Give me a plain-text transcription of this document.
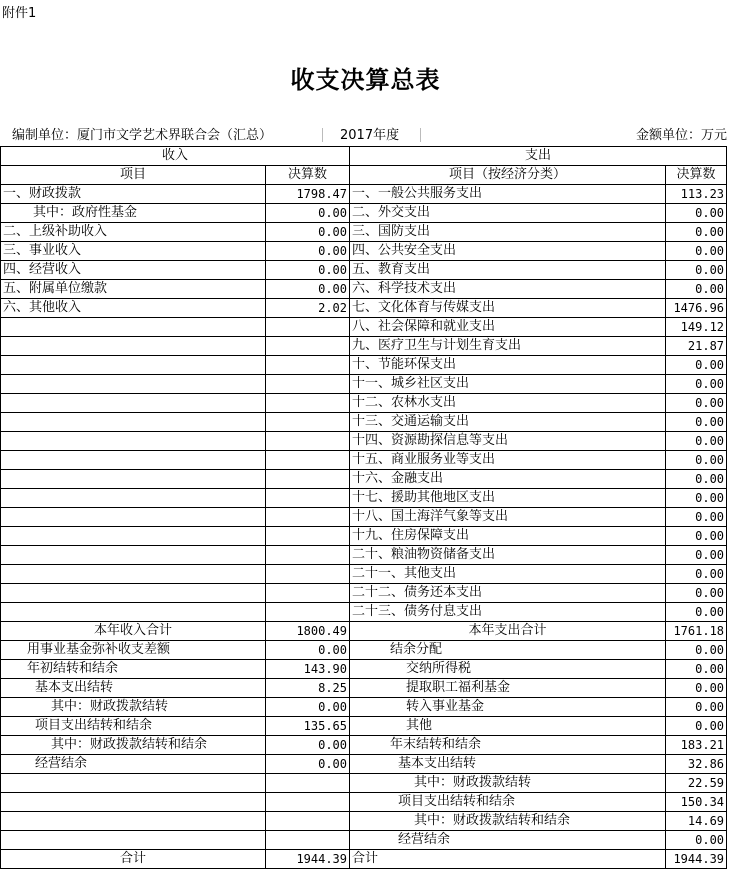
附件1
收支决算总表
编制单位：厦门市文学艺术界联合会（汇总）	2017年度	金额单位：万元
收入		支出	
项目	决算数	项目（按经济分类）	决算数
一、财政拨款	1798.47	一、一般公共服务支出	113.23
其中：政府性基金	0.00	二、外交支出	0.00
二、上级补助收入	0.00	三、国防支出	0.00
三、事业收入	0.00	四、公共安全支出	0.00
四、经营收入	0.00	五、教育支出	0.00
五、附属单位缴款	0.00	六、科学技术支出	0.00
六、其他收入	2.02	七、文化体育与传媒支出	1476.96
		八、社会保障和就业支出	149.12
		九、医疗卫生与计划生育支出	21.87
		十、节能环保支出	0.00
		十一、城乡社区支出	0.00
		十二、农林水支出	0.00
		十三、交通运输支出	0.00
		十四、资源勘探信息等支出	0.00
		十五、商业服务业等支出	0.00
		十六、金融支出	0.00
		十七、援助其他地区支出	0.00
		十八、国土海洋气象等支出	0.00
		十九、住房保障支出	0.00
		二十、粮油物资储备支出	0.00
		二十一、其他支出	0.00
		二十二、债务还本支出	0.00
		二十三、债务付息支出	0.00
本年收入合计	1800.49	本年支出合计	1761.18
用事业基金弥补收支差额	0.00	结余分配	0.00
年初结转和结余	143.90	交纳所得税	0.00
基本支出结转	8.25	提取职工福利基金	0.00
其中：财政拨款结转	0.00	转入事业基金	0.00
项目支出结转和结余	135.65	其他	0.00
其中：财政拨款结转和结余	0.00	年末结转和结余	183.21
经营结余	0.00	基本支出结转	32.86
		其中：财政拨款结转	22.59
		项目支出结转和结余	150.34
		其中：财政拨款结转和结余	14.69
		经营结余	0.00
合计	1944.39	合计	1944.39
